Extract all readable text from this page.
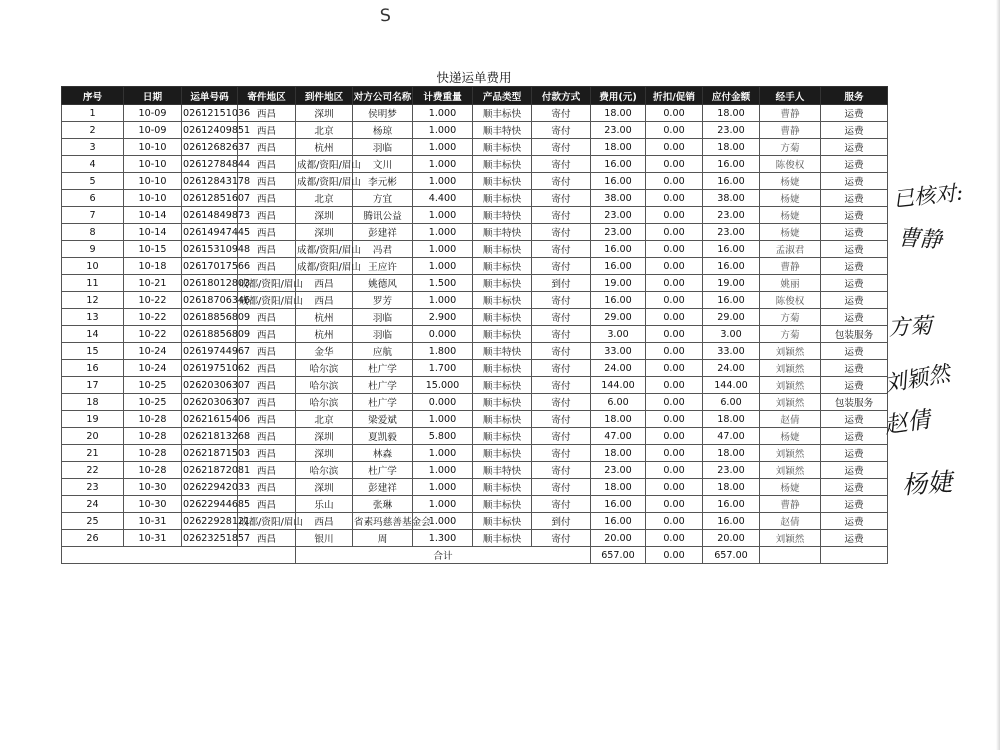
S
快递运单费用
序号	日期	运单号码	寄件地区	到件地区	对方公司名称	计费重量	产品类型	付款方式	费用(元)	折扣/促销	应付金额	经手人	服务
1	10-09	02612151036	西昌	深圳	侯明梦	1.000	顺丰标快	寄付	18.00	0.00	18.00	曹静	运费
2	10-09	02612409851	西昌	北京	杨琼	1.000	顺丰特快	寄付	23.00	0.00	23.00	曹静	运费
3	10-10	02612682637	西昌	杭州	羽临	1.000	顺丰标快	寄付	18.00	0.00	18.00	方菊	运费
4	10-10	02612784844	西昌	成都/资阳/眉山	文川	1.000	顺丰标快	寄付	16.00	0.00	16.00	陈俊权	运费
5	10-10	02612843178	西昌	成都/资阳/眉山	李元彬	1.000	顺丰标快	寄付	16.00	0.00	16.00	杨婕	运费
6	10-10	02612851607	西昌	北京	方宜	4.400	顺丰标快	寄付	38.00	0.00	38.00	杨婕	运费
7	10-14	02614849873	西昌	深圳	腾讯公益	1.000	顺丰特快	寄付	23.00	0.00	23.00	杨婕	运费
8	10-14	02614947445	西昌	深圳	彭建祥	1.000	顺丰特快	寄付	23.00	0.00	23.00	杨婕	运费
9	10-15	02615310948	西昌	成都/资阳/眉山	冯君	1.000	顺丰标快	寄付	16.00	0.00	16.00	孟淑君	运费
10	10-18	02617017566	西昌	成都/资阳/眉山	王应许	1.000	顺丰标快	寄付	16.00	0.00	16.00	曹静	运费
11	10-21	02618012803	成都/资阳/眉山	西昌	姚德风	1.500	顺丰标快	到付	19.00	0.00	19.00	姚丽	运费
12	10-22	02618706346	成都/资阳/眉山	西昌	罗芳	1.000	顺丰标快	寄付	16.00	0.00	16.00	陈俊权	运费
13	10-22	02618856809	西昌	杭州	羽临	2.900	顺丰标快	寄付	29.00	0.00	29.00	方菊	运费
14	10-22	02618856809	西昌	杭州	羽临	0.000	顺丰标快	寄付	3.00	0.00	3.00	方菊	包装服务
15	10-24	02619744967	西昌	金华	应航	1.800	顺丰特快	寄付	33.00	0.00	33.00	刘颖然	运费
16	10-24	02619751062	西昌	哈尔滨	杜广学	1.700	顺丰标快	寄付	24.00	0.00	24.00	刘颖然	运费
17	10-25	02620306307	西昌	哈尔滨	杜广学	15.000	顺丰标快	寄付	144.00	0.00	144.00	刘颖然	运费
18	10-25	02620306307	西昌	哈尔滨	杜广学	0.000	顺丰标快	寄付	6.00	0.00	6.00	刘颖然	包装服务
19	10-28	02621615406	西昌	北京	梁爱斌	1.000	顺丰标快	寄付	18.00	0.00	18.00	赵倩	运费
20	10-28	02621813268	西昌	深圳	夏凯毅	5.800	顺丰标快	寄付	47.00	0.00	47.00	杨婕	运费
21	10-28	02621871503	西昌	深圳	林森	1.000	顺丰标快	寄付	18.00	0.00	18.00	刘颖然	运费
22	10-28	02621872081	西昌	哈尔滨	杜广学	1.000	顺丰特快	寄付	23.00	0.00	23.00	刘颖然	运费
23	10-30	02622942033	西昌	深圳	彭建祥	1.000	顺丰标快	寄付	18.00	0.00	18.00	杨婕	运费
24	10-30	02622944685	西昌	乐山	张琳	1.000	顺丰标快	寄付	16.00	0.00	16.00	曹静	运费
25	10-31	02622928121	成都/资阳/眉山	西昌	省素玛慈善基金会	1.000	顺丰标快	到付	16.00	0.00	16.00	赵倩	运费
26	10-31	02623251857	西昌	银川	周	1.300	顺丰标快	寄付	20.00	0.00	20.00	刘颖然	运费
				合计					657.00	0.00	657.00		
已核对:
曹静
方菊
刘颖然
赵倩
杨婕
